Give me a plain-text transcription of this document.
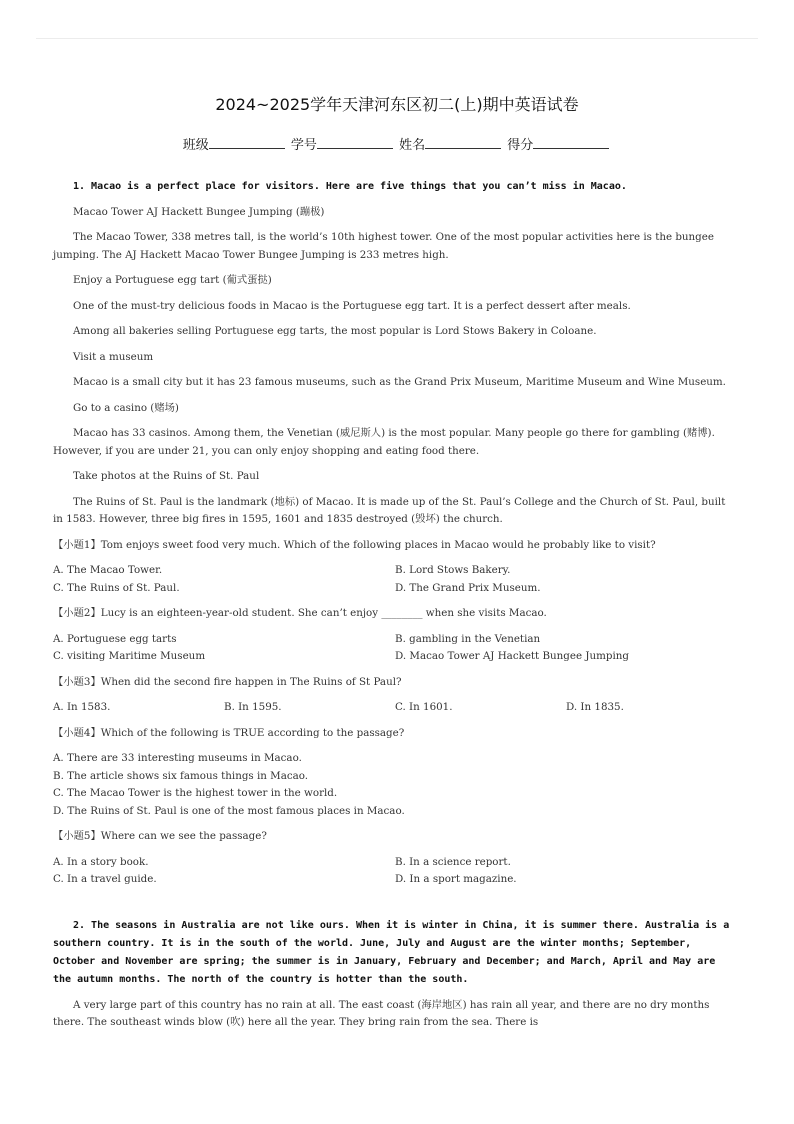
2024~2025学年天津河东区初二(上)期中英语试卷
班级	学号	姓名	得分
1. Macao is a perfect place for visitors. Here are five things that you can’t miss in Macao.
Macao Tower AJ Hackett Bungee Jumping (蹦极)
The Macao Tower, 338 metres tall, is the world’s 10th highest tower. One of the most popular activities here is the bungee jumping. The AJ Hackett Macao Tower Bungee Jumping is 233 metres high.
Enjoy a Portuguese egg tart (葡式蛋挞)
One of the must-try delicious foods in Macao is the Portuguese egg tart. It is a perfect dessert after meals.
Among all bakeries selling Portuguese egg tarts, the most popular is Lord Stows Bakery in Coloane.
Visit a museum
Macao is a small city but it has 23 famous museums, such as the Grand Prix Museum, Maritime Museum and Wine Museum.
Go to a casino (赌场)
Macao has 33 casinos. Among them, the Venetian (威尼斯人) is the most popular. Many people go there for gambling (赌博). However, if you are under 21, you can only enjoy shopping and eating food there.
Take photos at the Ruins of St. Paul
The Ruins of St. Paul is the landmark (地标) of Macao. It is made up of the St. Paul’s College and the Church of St. Paul, built in 1583. However, three big fires in 1595, 1601 and 1835 destroyed (毁坏) the church.
【小题1】Tom enjoys sweet food very much. Which of the following places in Macao would he probably like to visit?
A. The Macao Tower.	B. Lord Stows Bakery.
C. The Ruins of St. Paul.	D. The Grand Prix Museum.
【小题2】Lucy is an eighteen-year-old student. She can’t enjoy ________ when she visits Macao.
A. Portuguese egg tarts	B. gambling in the Venetian
C. visiting Maritime Museum	D. Macao Tower AJ Hackett Bungee Jumping
【小题3】When did the second fire happen in The Ruins of St Paul?
A. In 1583.	B. In 1595.	C. In 1601.	D. In 1835.
【小题4】Which of the following is TRUE according to the passage?
A. There are 33 interesting museums in Macao.
B. The article shows six famous things in Macao.
C. The Macao Tower is the highest tower in the world.
D. The Ruins of St. Paul is one of the most famous places in Macao.
【小题5】Where can we see the passage?
A. In a story book.	B. In a science report.
C. In a travel guide.	D. In a sport magazine.
2. The seasons in Australia are not like ours. When it is winter in China, it is summer there. Australia is a southern country. It is in the south of the world. June, July and August are the winter months; September, October and November are spring; the summer is in January, February and December; and March, April and May are the autumn months. The north of the country is hotter than the south.
A very large part of this country has no rain at all. The east coast (海岸地区) has rain all year, and there are no dry months there. The southeast winds blow (吹) here all the year. They bring rain from the sea. There is
